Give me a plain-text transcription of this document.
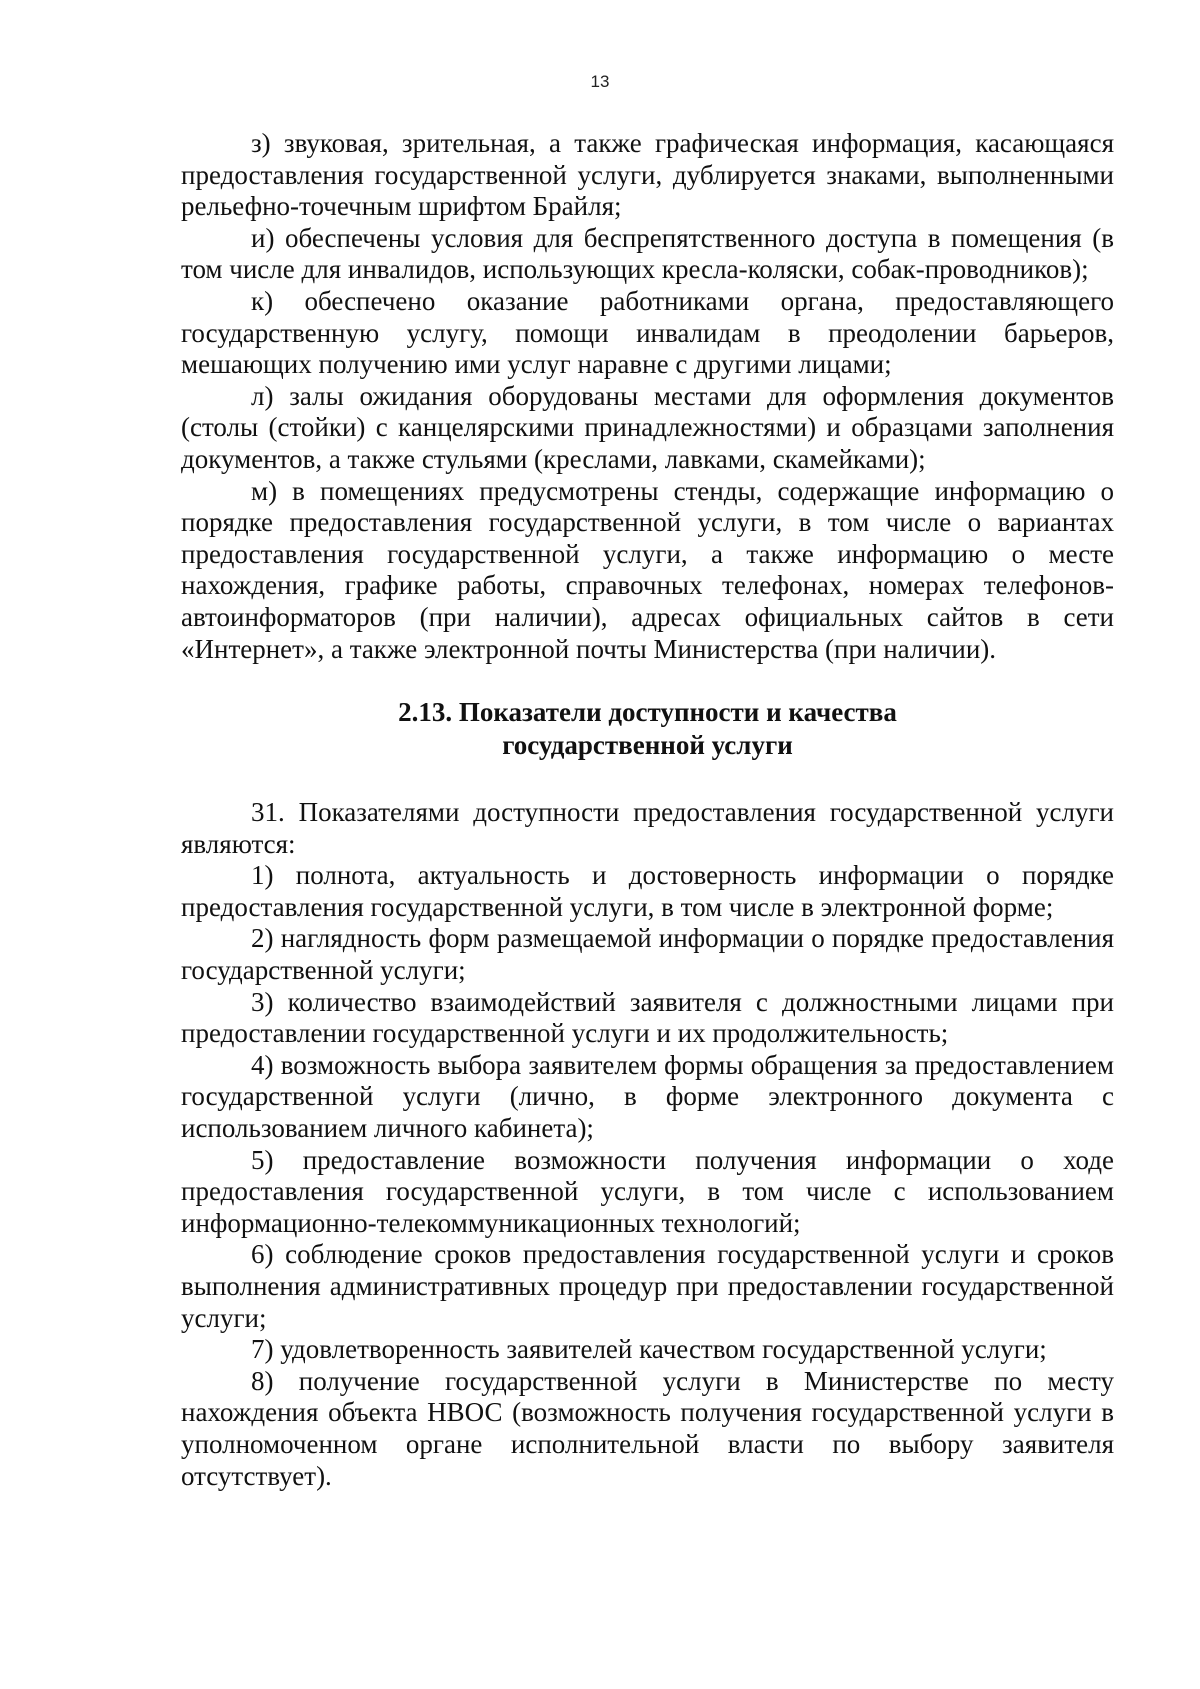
13

з) звуковая, зрительная, а также графическая информация, касающаяся предоставления государственной услуги, дублируется знаками, выполненными рельефно-точечным шрифтом Брайля;

и) обеспечены условия для беспрепятственного доступа в помещения (в том числе для инвалидов, использующих кресла-коляски, собак-проводников);

к) обеспечено оказание работниками органа, предоставляющего государственную услугу, помощи инвалидам в преодолении барьеров, мешающих получению ими услуг наравне с другими лицами;

л) залы ожидания оборудованы местами для оформления документов (столы (стойки) с канцелярскими принадлежностями) и образцами заполнения документов, а также стульями (креслами, лавками, скамейками);

м) в помещениях предусмотрены стенды, содержащие информацию о порядке предоставления государственной услуги, в том числе о вариантах предоставления государственной услуги, а также информацию о месте нахождения, графике работы, справочных телефонах, номерах телефонов-автоинформаторов (при наличии), адресах официальных сайтов в сети «Интернет», а также электронной почты Министерства (при наличии).

2.13. Показатели доступности и качества
государственной услуги

31. Показателями доступности предоставления государственной услуги являются:

1) полнота, актуальность и достоверность информации о порядке предоставления государственной услуги, в том числе в электронной форме;

2) наглядность форм размещаемой информации о порядке предоставления государственной услуги;

3) количество взаимодействий заявителя с должностными лицами при предоставлении государственной услуги и их продолжительность;

4) возможность выбора заявителем формы обращения за предоставлением государственной услуги (лично, в форме электронного документа с использованием личного кабинета);

5) предоставление возможности получения информации о ходе предоставления государственной услуги, в том числе с использованием информационно-телекоммуникационных технологий;

6) соблюдение сроков предоставления государственной услуги и сроков выполнения административных процедур при предоставлении государственной услуги;

7) удовлетворенность заявителей качеством государственной услуги;

8) получение государственной услуги в Министерстве по месту нахождения объекта НВОС (возможность получения государственной услуги в уполномоченном органе исполнительной власти по выбору заявителя отсутствует).
